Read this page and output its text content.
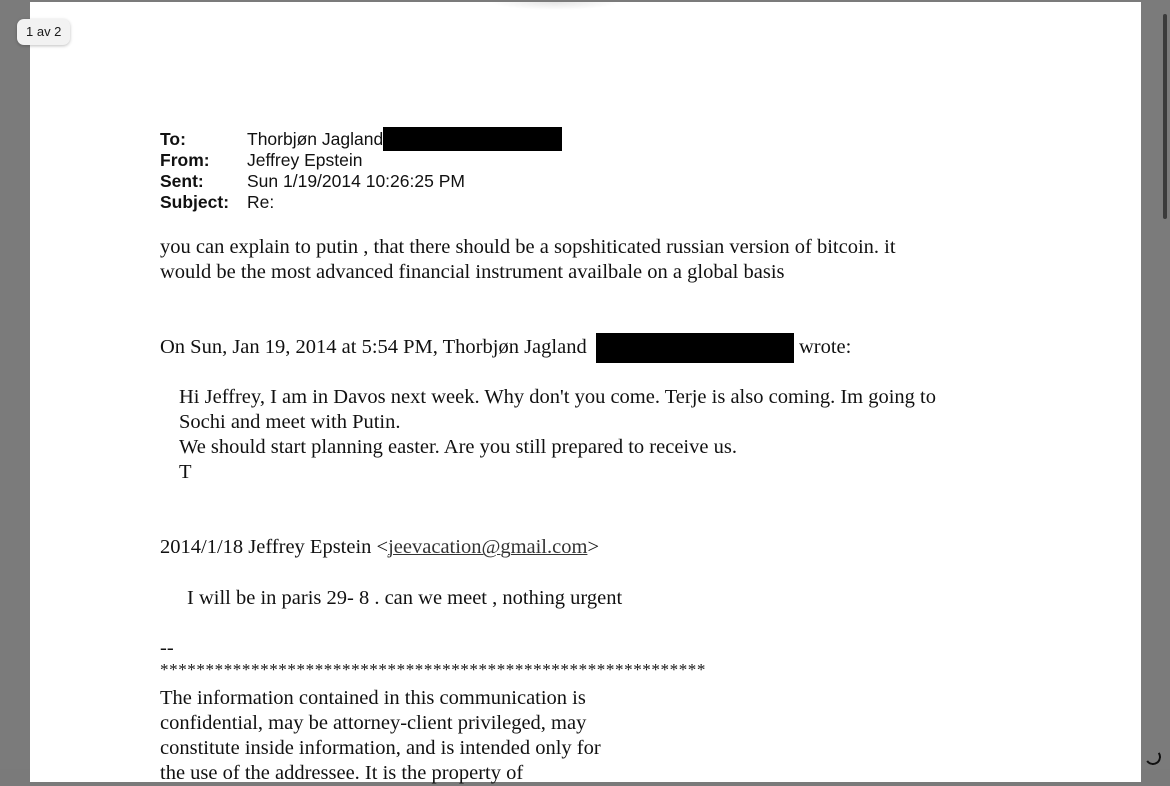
To:	Thorbjøn Jagland
From:	Jeffrey Epstein
Sent:	Sun 1/19/2014 10:26:25 PM
Subject:	Re:
you can explain to putin , that there should be a sopshiticated russian version of bitcoin. it
would be the most advanced financial instrument availbale on a global basis
On Sun, Jan 19, 2014 at 5:54 PM, Thorbjøn Jagland	wrote:
Hi Jeffrey, I am in Davos next week. Why don't you come. Terje is also coming. Im going to
Sochi and meet with Putin.
We should start planning easter. Are you still prepared to receive us.
T
2014/1/18 Jeffrey Epstein <jeevacation@gmail.com>
I will be in paris 29- 8 . can we meet , nothing urgent
--
************************************************************
The information contained in this communication is
confidential, may be attorney-client privileged, may
constitute inside information, and is intended only for
the use of the addressee. It is the property of
1 av 2
